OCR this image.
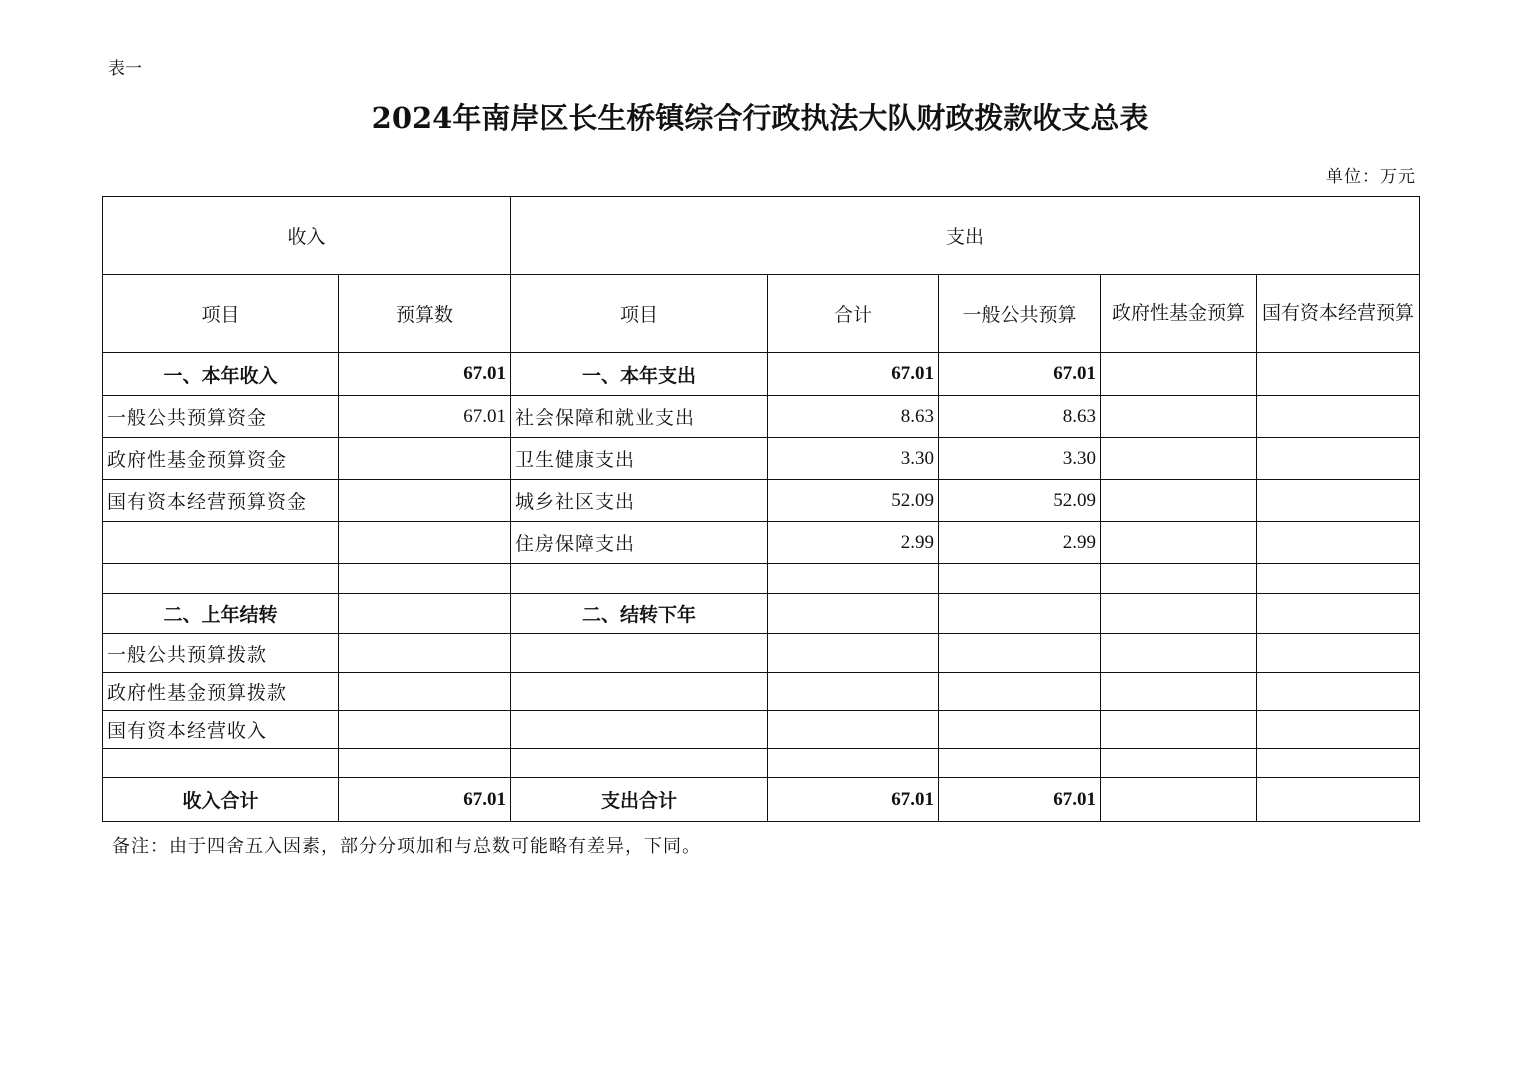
表一
2024年南岸区长生桥镇综合行政执法大队财政拨款收支总表
单位：万元
收入		支出				
项目	预算数	项目	合计	一般公共预算	政府性基金预算	国有资本经营预算
一、本年收入	67.01	一、本年支出	67.01	67.01		
一般公共预算资金	67.01	社会保障和就业支出	8.63	8.63		
政府性基金预算资金		卫生健康支出	3.30	3.30		
国有资本经营预算资金		城乡社区支出	52.09	52.09		
		住房保障支出	2.99	2.99		

二、上年结转		二、结转下年				
一般公共预算拨款						
政府性基金预算拨款						
国有资本经营收入						

收入合计	67.01	支出合计	67.01	67.01		
备注：由于四舍五入因素，部分分项加和与总数可能略有差异，下同。
